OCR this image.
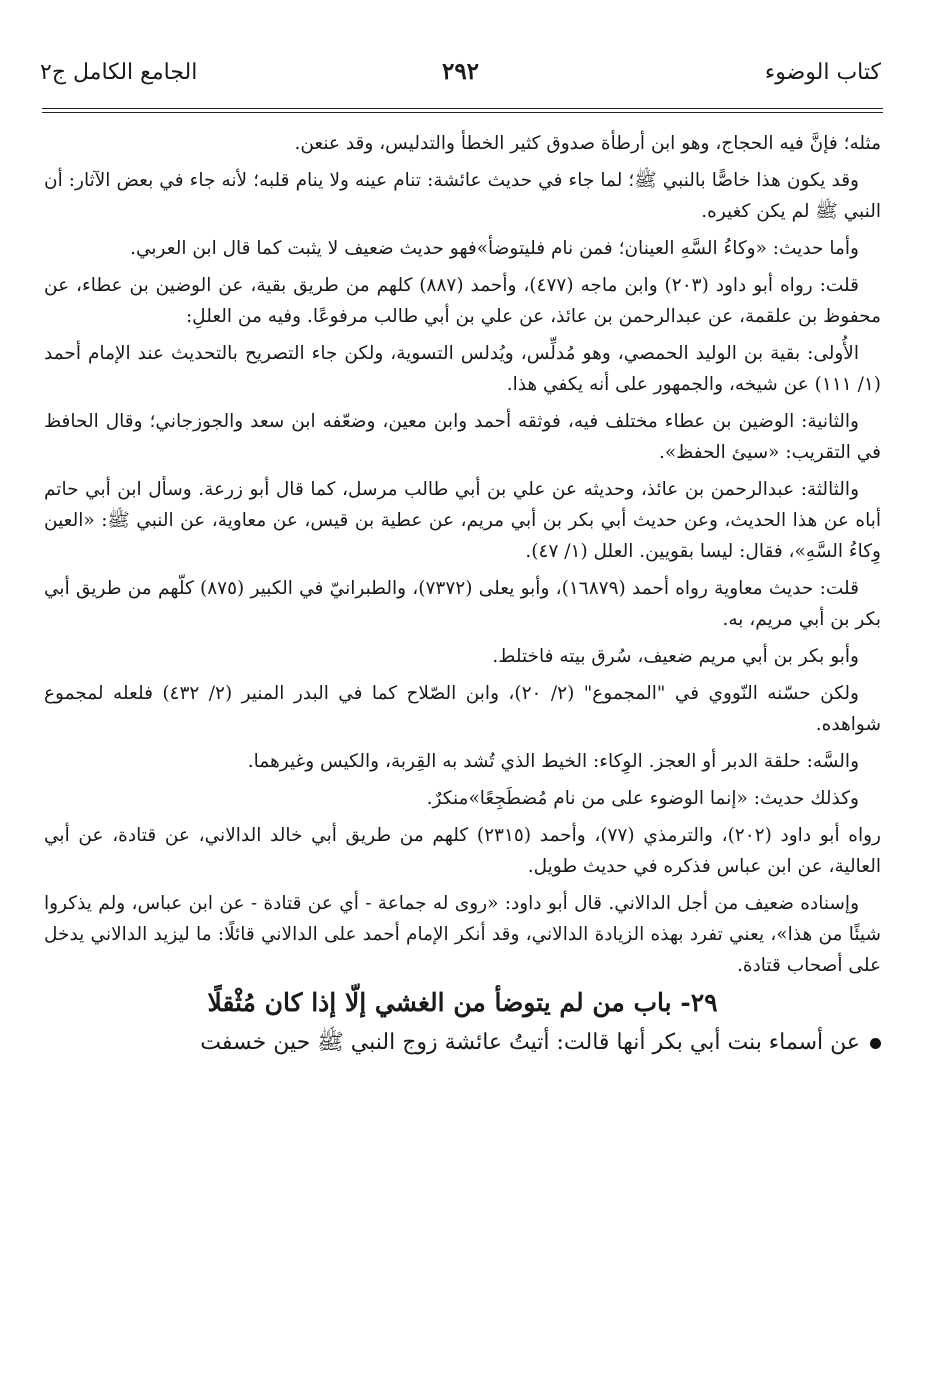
كتاب الوضوء
٢٩٢
الجامع الكامل ج٢

مثله؛ فإنَّ فيه الحجاج، وهو ابن أرطأة صدوق كثير الخطأ والتدليس، وقد عنعن.

وقد يكون هذا خاصًّا بالنبي ﷺ؛ لما جاء في حديث عائشة: تنام عينه ولا ينام قلبه؛ لأنه جاء في بعض الآثار: أن النبي ﷺ لم يكن كغيره.

وأما حديث: «وكاءُ السَّهِ العينان؛ فمن نام فليتوضأ»فهو حديث ضعيف لا يثبت كما قال ابن العربي.

قلت: رواه أبو داود (٢٠٣) وابن ماجه (٤٧٧)، وأحمد (٨٨٧) كلهم من طريق بقية، عن الوضين بن عطاء، عن محفوظ بن علقمة، عن عبدالرحمن بن عائذ، عن علي بن أبي طالب مرفوعًا. وفيه من العللِ:

الأُولى: بقية بن الوليد الحمصي، وهو مُدلِّس، ويُدلس التسوية، ولكن جاء التصريح بالتحديث عند الإمام أحمد (١/ ١١١) عن شيخه، والجمهور على أنه يكفي هذا.

والثانية: الوضين بن عطاء مختلف فيه، فوثقه أحمد وابن معين، وضعّفه ابن سعد والجوزجاني؛ وقال الحافظ في التقريب: «سيئ الحفظ».

والثالثة: عبدالرحمن بن عائذ، وحديثه عن علي بن أبي طالب مرسل، كما قال أبو زرعة. وسأل ابن أبي حاتم أباه عن هذا الحديث، وعن حديث أبي بكر بن أبي مريم، عن عطية بن قيس، عن معاوية، عن النبي ﷺ: «العين وِكاءُ السَّهِ»، فقال: ليسا بقويين. العلل (١/ ٤٧).

قلت: حديث معاوية رواه أحمد (١٦٨٧٩)، وأبو يعلى (٧٣٧٢)، والطبرانيّ في الكبير (٨٧٥) كلّهم من طريق أبي بكر بن أبي مريم، به.

وأبو بكر بن أبي مريم ضعيف، سُرق بيته فاختلط.

ولكن حسّنه النّووي في "المجموع" (٢/ ٢٠)، وابن الصّلاح كما في البدر المنير (٢/ ٤٣٢) فلعله لمجموع شواهده.

والسَّه: حلقة الدبر أو العجز. الوِكاء: الخيط الذي تُشد به القِربة، والكيس وغيرهما.

وكذلك حديث: «إنما الوضوء على من نام مُضطَجِعًا»منكرٌ.

رواه أبو داود (٢٠٢)، والترمذي (٧٧)، وأحمد (٢٣١٥) كلهم من طريق أبي خالد الدالاني، عن قتادة، عن أبي العالية، عن ابن عباس فذكره في حديث طويل.

وإسناده ضعيف من أجل الدالاني. قال أبو داود: «روى له جماعة - أي عن قتادة - عن ابن عباس، ولم يذكروا شيئًا من هذا»، يعني تفرد بهذه الزيادة الدالاني، وقد أنكر الإمام أحمد على الدالاني قائلًا: ما ليزيد الدالاني يدخل على أصحاب قتادة.

٢٩- باب من لم يتوضأ من الغشي إلّا إذا كان مُثْقلًا

عن أسماء بنت أبي بكر أنها قالت: أتيتُ عائشة زوج النبي ﷺ حين خسفت
